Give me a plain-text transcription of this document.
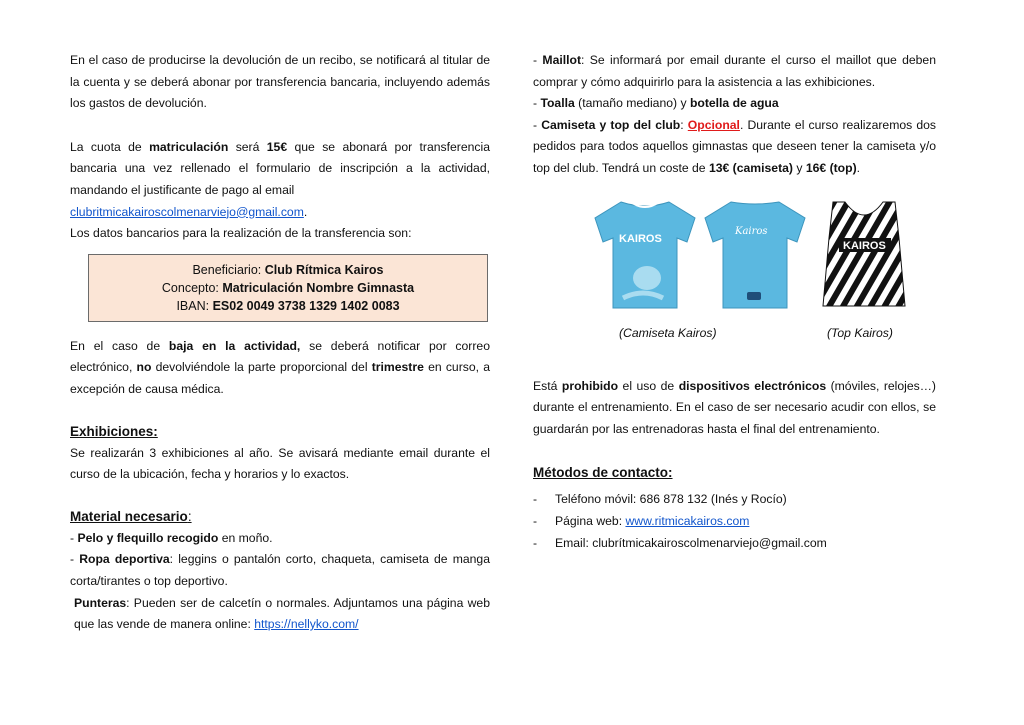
En el caso de producirse la devolución de un recibo, se notificará al titular de la cuenta y se deberá abonar por transferencia bancaria, incluyendo además los gastos de devolución.

La cuota de matriculación será 15€ que se abonará por transferencia bancaria una vez rellenado el formulario de inscripción a la actividad, mandando el justificante de pago al email
clubritmicakairoscolmenarviejo@gmail.com.

Los datos bancarios para la realización de la transferencia son:

Beneficiario: Club Rítmica Kairos
Concepto: Matriculación Nombre Gimnasta
IBAN: ES02 0049 3738 1329 1402 0083

En el caso de baja en la actividad, se deberá notificar por correo electrónico, no devolviéndole la parte proporcional del trimestre en curso, a excepción de causa médica.

Exhibiciones:

Se realizarán 3 exhibiciones al año. Se avisará mediante email durante el curso de la ubicación, fecha y horarios y lo exactos.

Material necesario:

- Pelo y flequillo recogido en moño.

- Ropa deportiva: leggins o pantalón corto, chaqueta, camiseta de manga corta/tirantes o top deportivo.

Punteras: Pueden ser de calcetín o normales. Adjuntamos una página web que las vende de manera online: https://nellyko.com/

- Maillot: Se informará por email durante el curso el maillot que deben comprar y cómo adquirirlo para la asistencia a las exhibiciones.

- Toalla (tamaño mediano) y botella de agua

- Camiseta y top del club: Opcional. Durante el curso realizaremos dos pedidos para todos aquellos gimnastas que deseen tener la camiseta y/o top del club. Tendrá un coste de 13€ (camiseta) y 16€ (top).

KAIROS
Kairos
KAIROS
(Camiseta Kairos)	(Top Kairos)

Está prohibido el uso de dispositivos electrónicos (móviles, relojes…) durante el entrenamiento. En el caso de ser necesario acudir con ellos, se guardarán por las entrenadoras hasta el final del entrenamiento.

Métodos de contacto:
- Teléfono móvil: 686 878 132 (Inés y Rocío)
- Página web: www.ritmicakairos.com
- Email: clubrítmicakairoscolmenarviejo@gmail.com
